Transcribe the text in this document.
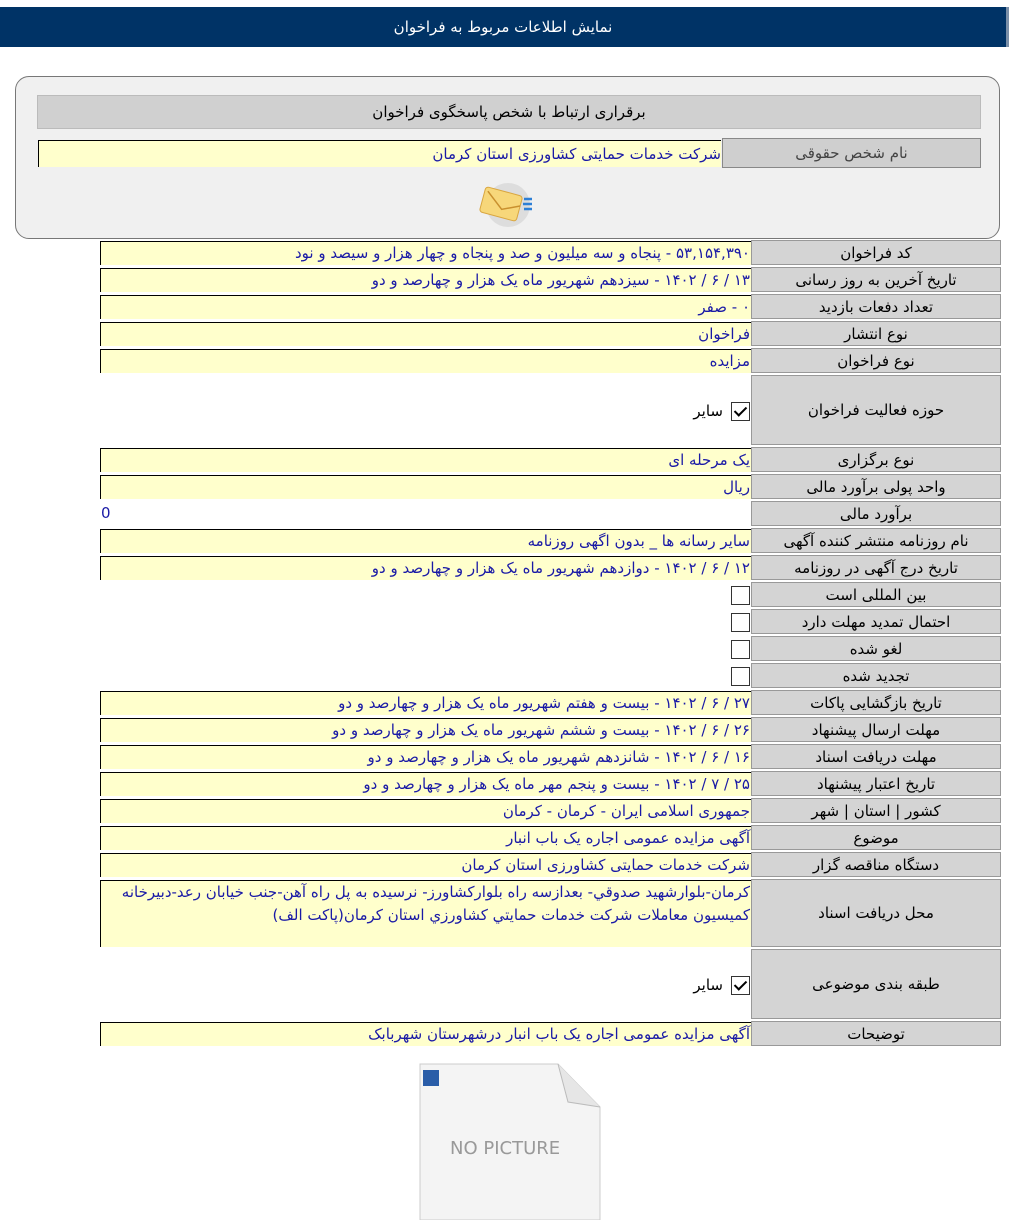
نمایش اطلاعات مربوط به فراخوان
برقراری ارتباط با شخص پاسخگوی فراخوان
نام شخص حقوقی
شرکت خدمات حمایتی کشاورزی استان کرمان
کد فراخوان
۵۳,۱۵۴,۳۹۰ - پنجاه و سه میلیون و صد و پنجاه و چهار هزار و سیصد و نود
تاریخ آخرین به روز رسانی
۱۳ / ۶ / ۱۴۰۲ - سیزدهم شهریور ماه یک هزار و چهارصد و دو
تعداد دفعات بازدید
۰ - صفر
نوع انتشار
فراخوان
نوع فراخوان
مزایده
حوزه فعالیت فراخوان
سایر
نوع برگزاری
یک مرحله ای
واحد پولی برآورد مالی
ریال
برآورد مالی
0
نام روزنامه منتشر کننده آگهی
سایر رسانه ها _ بدون اگهی روزنامه
تاریخ درج آگهی در روزنامه
۱۲ / ۶ / ۱۴۰۲ - دوازدهم شهریور ماه یک هزار و چهارصد و دو
بین المللی است
احتمال تمدید مهلت دارد
لغو شده
تجدید شده
تاریخ بازگشایی پاکات
۲۷ / ۶ / ۱۴۰۲ - بیست و هفتم شهریور ماه یک هزار و چهارصد و دو
مهلت ارسال پیشنهاد
۲۶ / ۶ / ۱۴۰۲ - بیست و ششم شهریور ماه یک هزار و چهارصد و دو
مهلت دریافت اسناد
۱۶ / ۶ / ۱۴۰۲ - شانزدهم شهریور ماه یک هزار و چهارصد و دو
تاریخ اعتبار پیشنهاد
۲۵ / ۷ / ۱۴۰۲ - بیست و پنجم مهر ماه یک هزار و چهارصد و دو
کشور | استان | شهر
جمهوری اسلامی ایران - کرمان - کرمان
موضوع
آگهی مزایده عمومی اجاره یک باب انبار
دستگاه مناقصه گزار
شرکت خدمات حمایتی کشاورزی استان کرمان
محل دریافت اسناد
كرمان-بلوارشهيد صدوقي- بعدازسه راه بلواركشاورز- نرسيده به پل راه آهن-جنب خيابان رعد-دبيرخانه كميسيون معاملات شركت خدمات حمايتي كشاورزي استان كرمان(پاكت الف)
طبقه بندی موضوعی
سایر
توضیحات
آگهی مزایده عمومی اجاره یک باب انبار درشهرستان شهربابک
NO PICTURE
